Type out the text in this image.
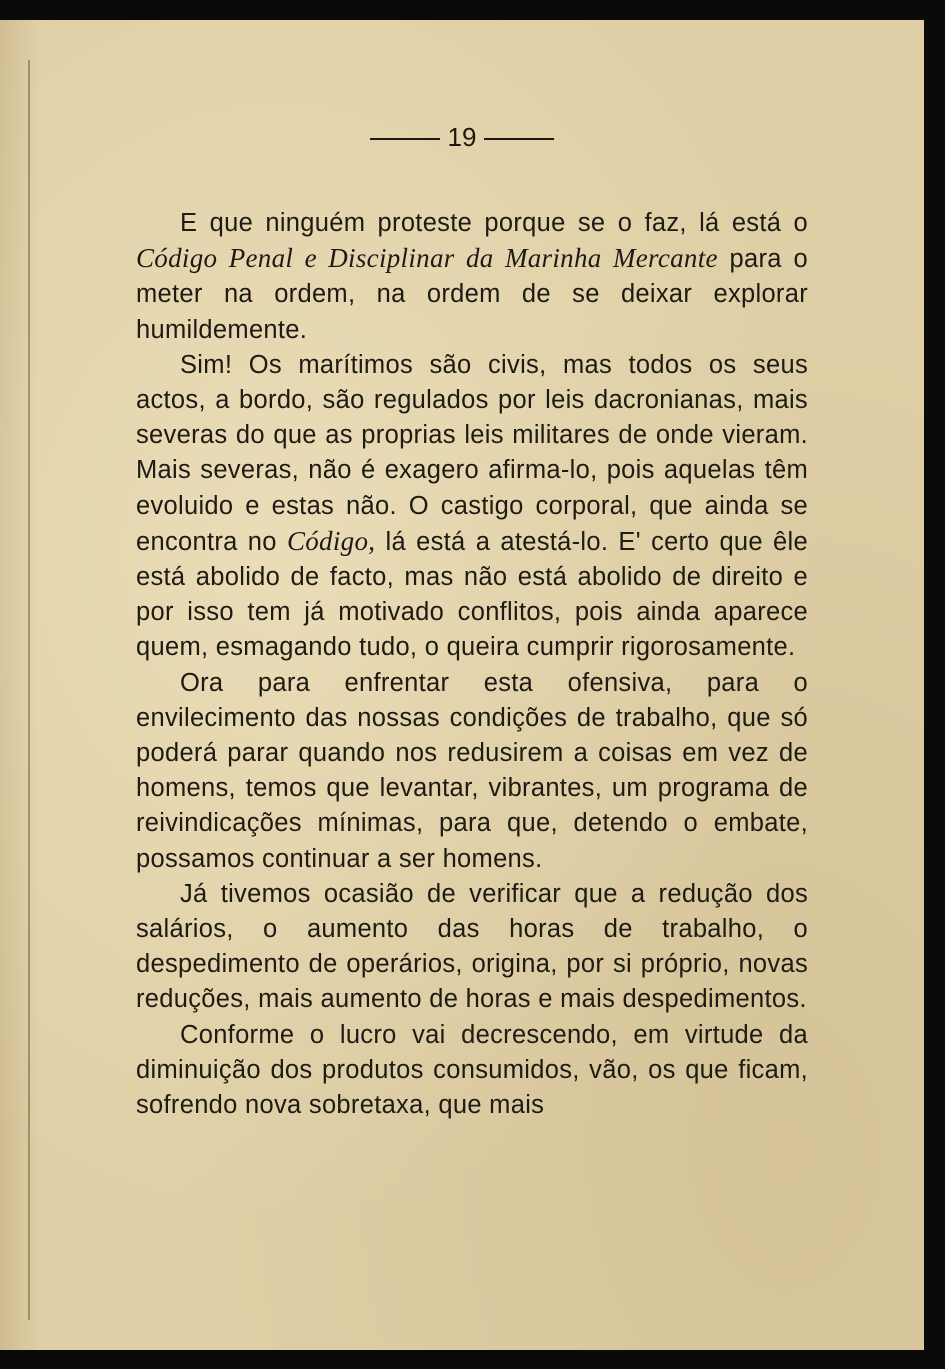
19

E que ninguém proteste porque se o faz, lá está o Código Penal e Disciplinar da Marinha Mercante para o meter na ordem, na ordem de se deixar explorar humildemente.

Sim! Os marítimos são civis, mas todos os seus actos, a bordo, são regulados por leis dacronianas, mais severas do que as proprias leis militares de onde vieram. Mais severas, não é exagero afirma-lo, pois aquelas têm evoluido e estas não. O castigo corporal, que ainda se encontra no Código, lá está a atestá-lo. E' certo que êle está abolido de facto, mas não está abolido de direito e por isso tem já motivado conflitos, pois ainda aparece quem, esmagando tudo, o queira cumprir rigorosamente.

Ora para enfrentar esta ofensiva, para o envilecimento das nossas condições de trabalho, que só poderá parar quando nos redusirem a coisas em vez de homens, temos que levantar, vibrantes, um programa de reivindicações mínimas, para que, detendo o embate, possamos continuar a ser homens.

Já tivemos ocasião de verificar que a redução dos salários, o aumento das horas de trabalho, o despedimento de operários, origina, por si próprio, novas reduções, mais aumento de horas e mais despedimentos.

Conforme o lucro vai decrescendo, em virtude da diminuição dos produtos consumidos, vão, os que ficam, sofrendo nova sobretaxa, que mais
